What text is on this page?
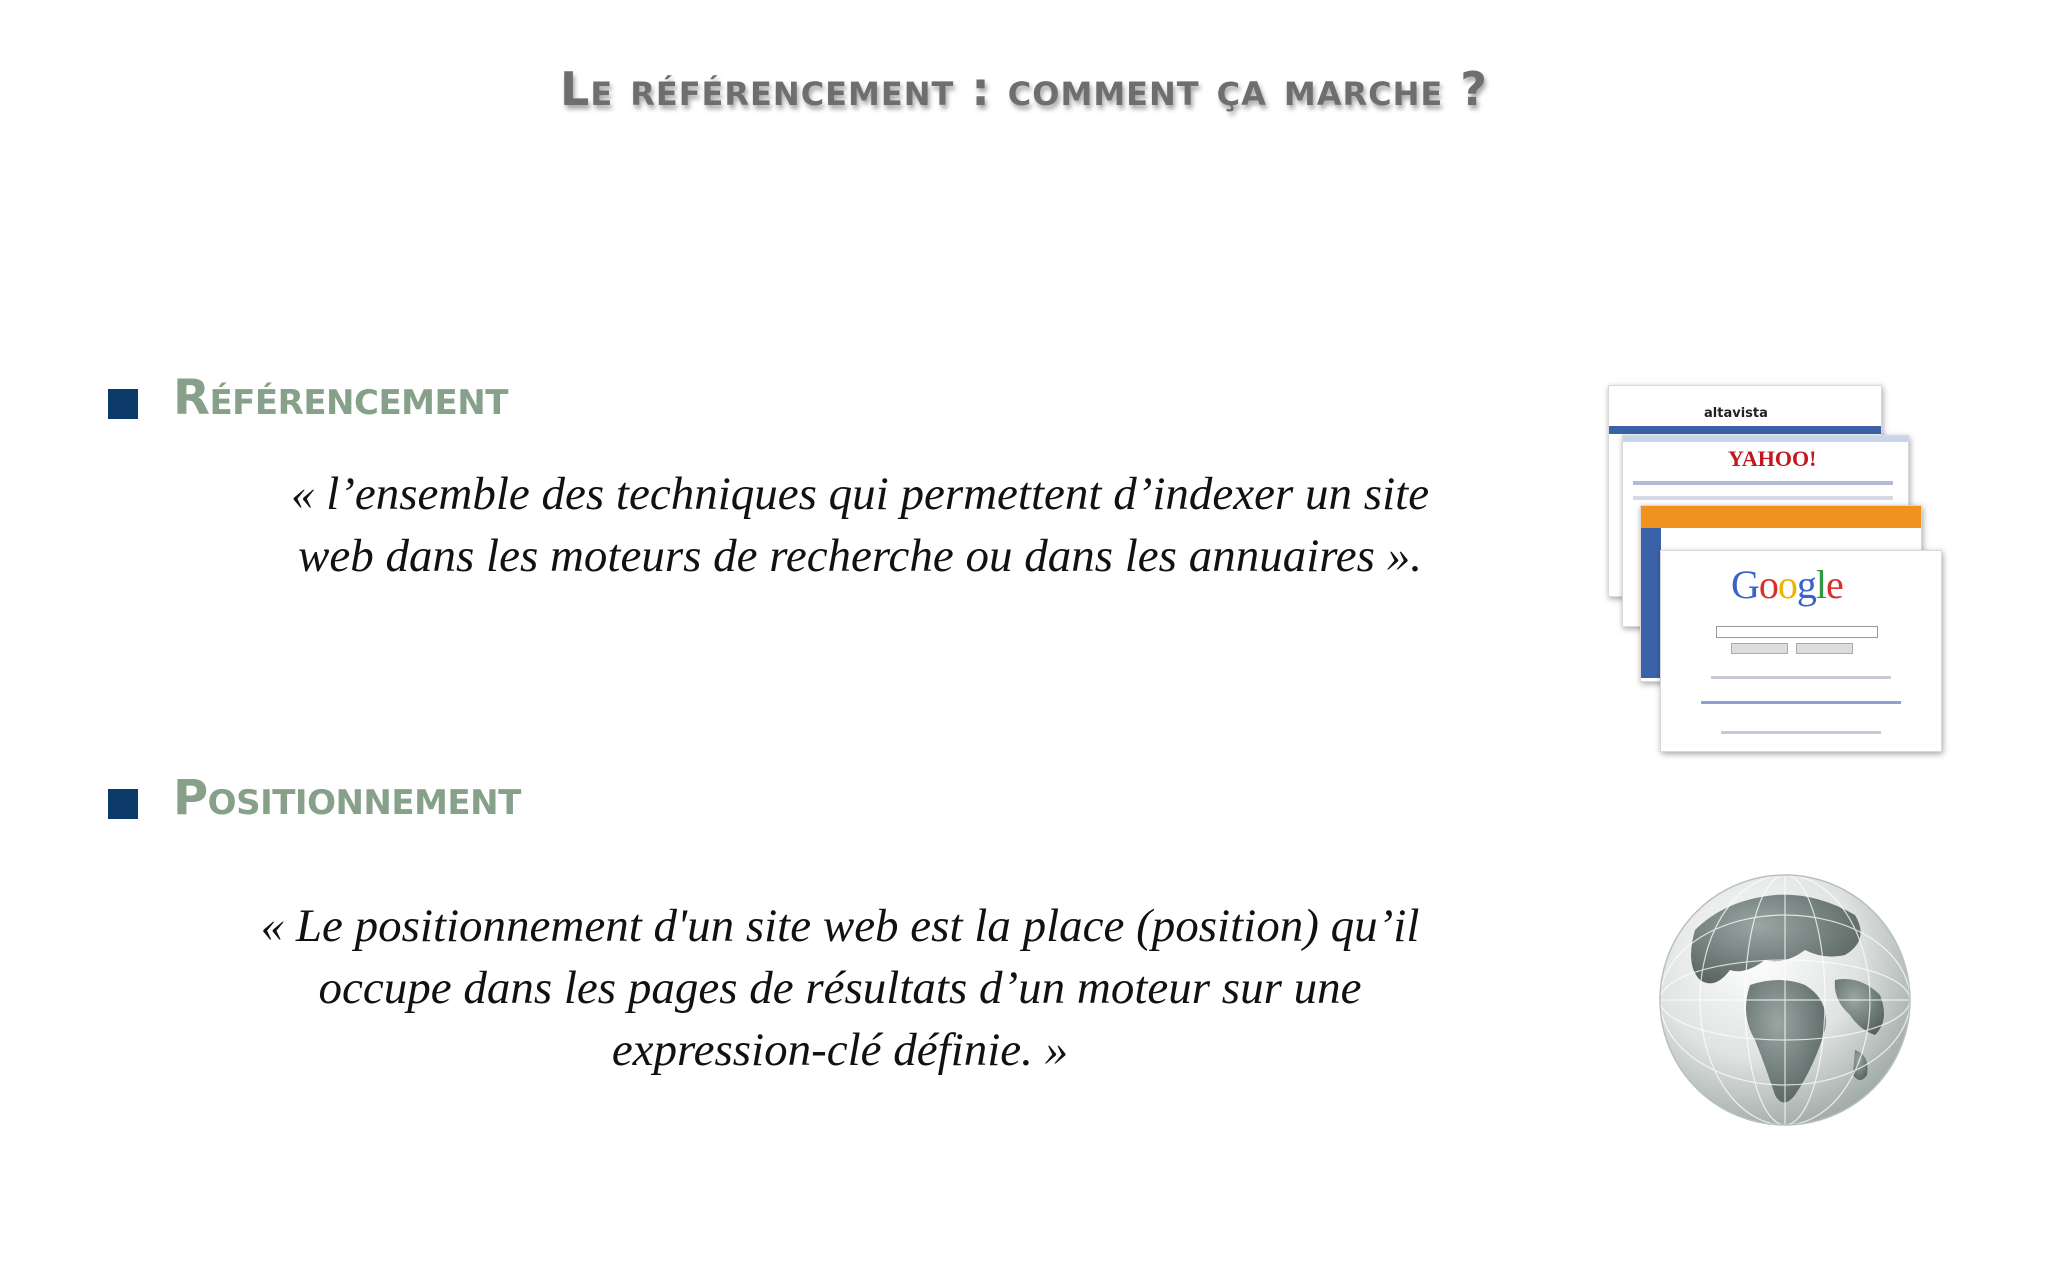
Le référencement : comment ça marche ?
Référencement
« l’ensemble des techniques qui permettent d’indexer un site
web dans les moteurs de recherche ou dans les annuaires ».
Positionnement
« Le positionnement d'un site web est la place (position) qu’il
occupe dans les pages de résultats d’un moteur sur une
expression-clé définie. »
altavista
YAHOO!
Google
